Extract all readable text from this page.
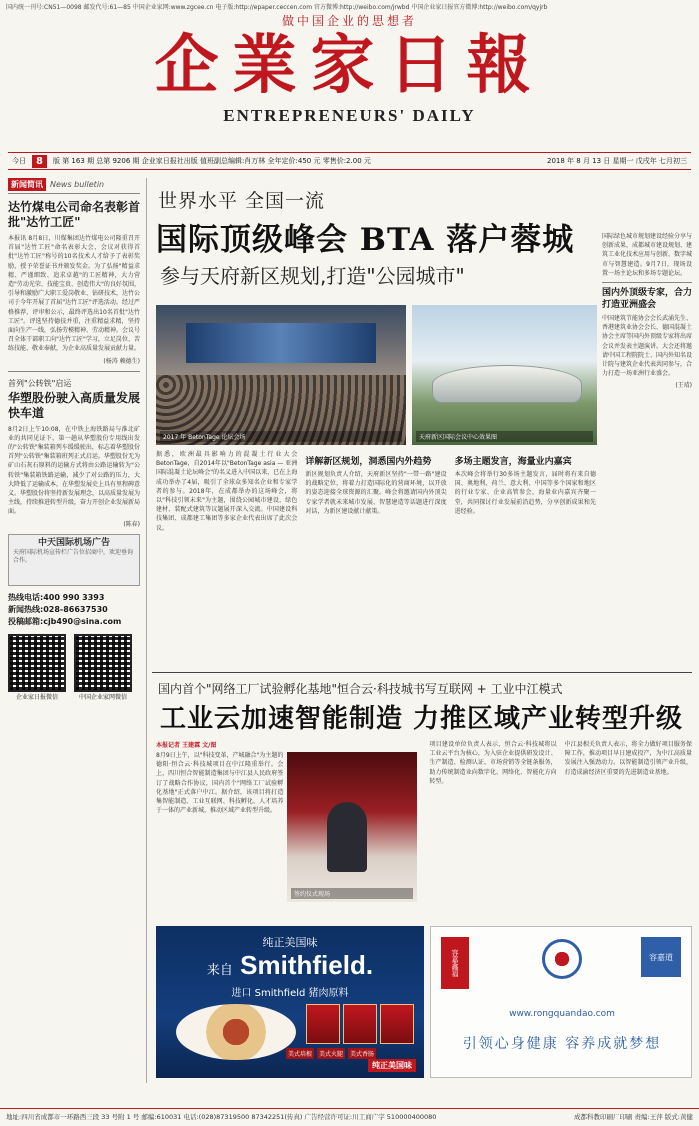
国内统一刊号:CN51—0098 邮发代号:61—85 中国企业家网:www.zgcee.cn 电子版:http://epaper.ceccen.com 官方微博:http://weibo.com/jrwbd 中国企业家日报官方微博:http://weibo.com/qyjrb
做中国企业的思想者
企業家日報
ENTREPRENEURS' DAILY
今日	8	版 第 163 期 总第 9206 期 企业家日报社出版 值班副总编辑:肖万林 全年定价:450 元 零售价:2.00 元	2018 年 8 月 13 日 星期一 戊戌年 七月初三
新闻简讯 News bulletin
达竹煤电公司命名表彰首批"达竹工匠"
本报讯 8月8日，川煤集团达竹煤电公司隆重召开首届"达竹工匠"命名表彰大会，会议对获得首批"达竹工匠"称号的10名技术人才给予了表彰奖励，授予荣誉证书并颁发奖金。为了弘扬"精益求精、严谨细致、追求卓越"的工匠精神，大力营造"劳动光荣、技能宝贵、创造伟大"的良好氛围，引导和激励广大职工爱岗敬业、钻研技术，达竹公司于今年开展了首届"达竹工匠"评选活动。经过严格推荐、评审和公示，最终评选出10名首批"达竹工匠"。评选坚持德技并重，注重精益求精，坚持面向生产一线，弘扬劳模精神、劳动精神。会议号召全体干部职工向"达竹工匠"学习，立足岗位、苦练技能、敬业奉献，为企业高质量发展贡献力量。
(杨涛 赖德生)
首列"公转铁"启运
华塑股份驶入高质量发展快车道
8月2日上午10:08，在中铁上海铁路局与淮北矿业的共同见证下，第一趟从华塑股份专用线出发的"公转铁"集装箱列车缓缓驶出，标志着华塑股份首列"公转铁"集装箱班列正式启运。华塑股份无为矿山石灰石原料的运输方式将由公路运输转为"公转铁"集装箱铁路运输，减少了对公路的压力，大大降低了运输成本，在华塑发展史上具有里程碑意义。华塑股份将坚持新发展理念，以高质量发展为主线，持续推进转型升级，奋力开创企业发展新局面。
(陈春)
中天国际机场广告
天府国际机场宣传栏广告位招商中，欢迎垂询合作。
热线电话:400 990 3393
新闻热线:028-86637530
投稿邮箱:cjb490@sina.com
企业家日报微信	中国企业家网微信
世界水平 全国一流
国际顶级峰会 BTA 落户蓉城
参与天府新区规划,打造"公园城市"
2017 年 BetonTage 论坛会场	天府新区国际会议中心效果图
国际绿色城市规划建设经验分享与创新成果，成都城市建设规划、建筑工业化技术应用与创新，数字城市与智慧建造。9月7日，现场设置一场主论坛和多场专题论坛。
国内外顶级专家，合力打造亚洲盛会
中国建筑节能协会会长武涌先生、香港建筑业协会会长、德国混凝土协会主席等国内外顶级专家将出席会议并发表主题演讲。大会还将邀请中国工程院院士、国内外知名设计院与建筑企业代表共同参与，合力打造一场亚洲行业盛会。
(王靖)
据悉，欧洲最具影响力的混凝土行业大会BetonTage，自2014年以"BetonTage asia — 亚洲国际混凝土论坛峰会"的名义进入中国以来，已在上海成功举办了4届，吸引了全球众多知名企业和专家学者的参与。2018年，在成都举办的这场峰会，将以"科技引领未来"为主题，围绕公园城市建设、绿色建材、装配式建筑等议题展开深入交流。中国建设科技集团、成都建工集团等多家企业代表出席了此次会议。
详解新区规划，洞悉国内外趋势
新区规划负责人介绍，天府新区坚持"一带一路"建设的战略定位，将着力打造国际化的营商环境，以开放的姿态迎接全球资源的汇聚。峰会将邀请国内外顶尖专家学者就未来城市发展、智慧建造等话题进行深度对话，为新区建设献计献策。
多场主题发言，海量业内嘉宾
本次峰会将举行30多场主题发言，届时将有来自德国、奥地利、荷兰、意大利、中国等多个国家和地区的行业专家、企业高管参会，海量业内嘉宾齐聚一堂，共同探讨行业发展前沿趋势，分享创新成果和先进经验。
国内首个"网络工厂试验孵化基地"恒合云·科技城书写互联网 + 工业中江模式
工业云加速智能制造 力推区域产业转型升级
本报记者 王建霖 文/图
8月9日上午，以"科技变革，产城融合"为主题的德阳·恒合云·科技城项目在中江隆重举行。会上，四川恒合智能制造集团与中江县人民政府签订了战略合作协议，国内首个"网络工厂试验孵化基地"正式落户中江。据介绍，该项目将打造集智能制造、工业互联网、科技孵化、人才培养于一体的产业新城，推动区域产业转型升级。
项目建设单位负责人表示，恒合云·科技城将以工业云平台为核心，为入驻企业提供研发设计、生产制造、检测认证、市场营销等全链条服务，助力传统制造业向数字化、网络化、智能化方向转型。
中江县相关负责人表示，将全力做好项目服务保障工作，推动项目早日建成投产，为中江高质量发展注入强劲动力。以智能制造引领产业升级，打造成渝经济区重要的先进制造业基地。
签约仪式现场
纯正美国味
来自 Smithfield.
进口 Smithfield 猪肉原料
美式培根	美式火腿	美式香肠
纯正美国味
容嘉鑫福	容嘉道
www.rongquandao.com
引领心身健康 容养成就梦想
地址:四川省成都市一环路西三段 33 号附 1 号 邮编:610031 电话:(028)87319500 87342251(传真) 广告经营许可证:川工商广字 510000400080	成都科教印刷厂印刷 责编:王萍 版式:黄健
